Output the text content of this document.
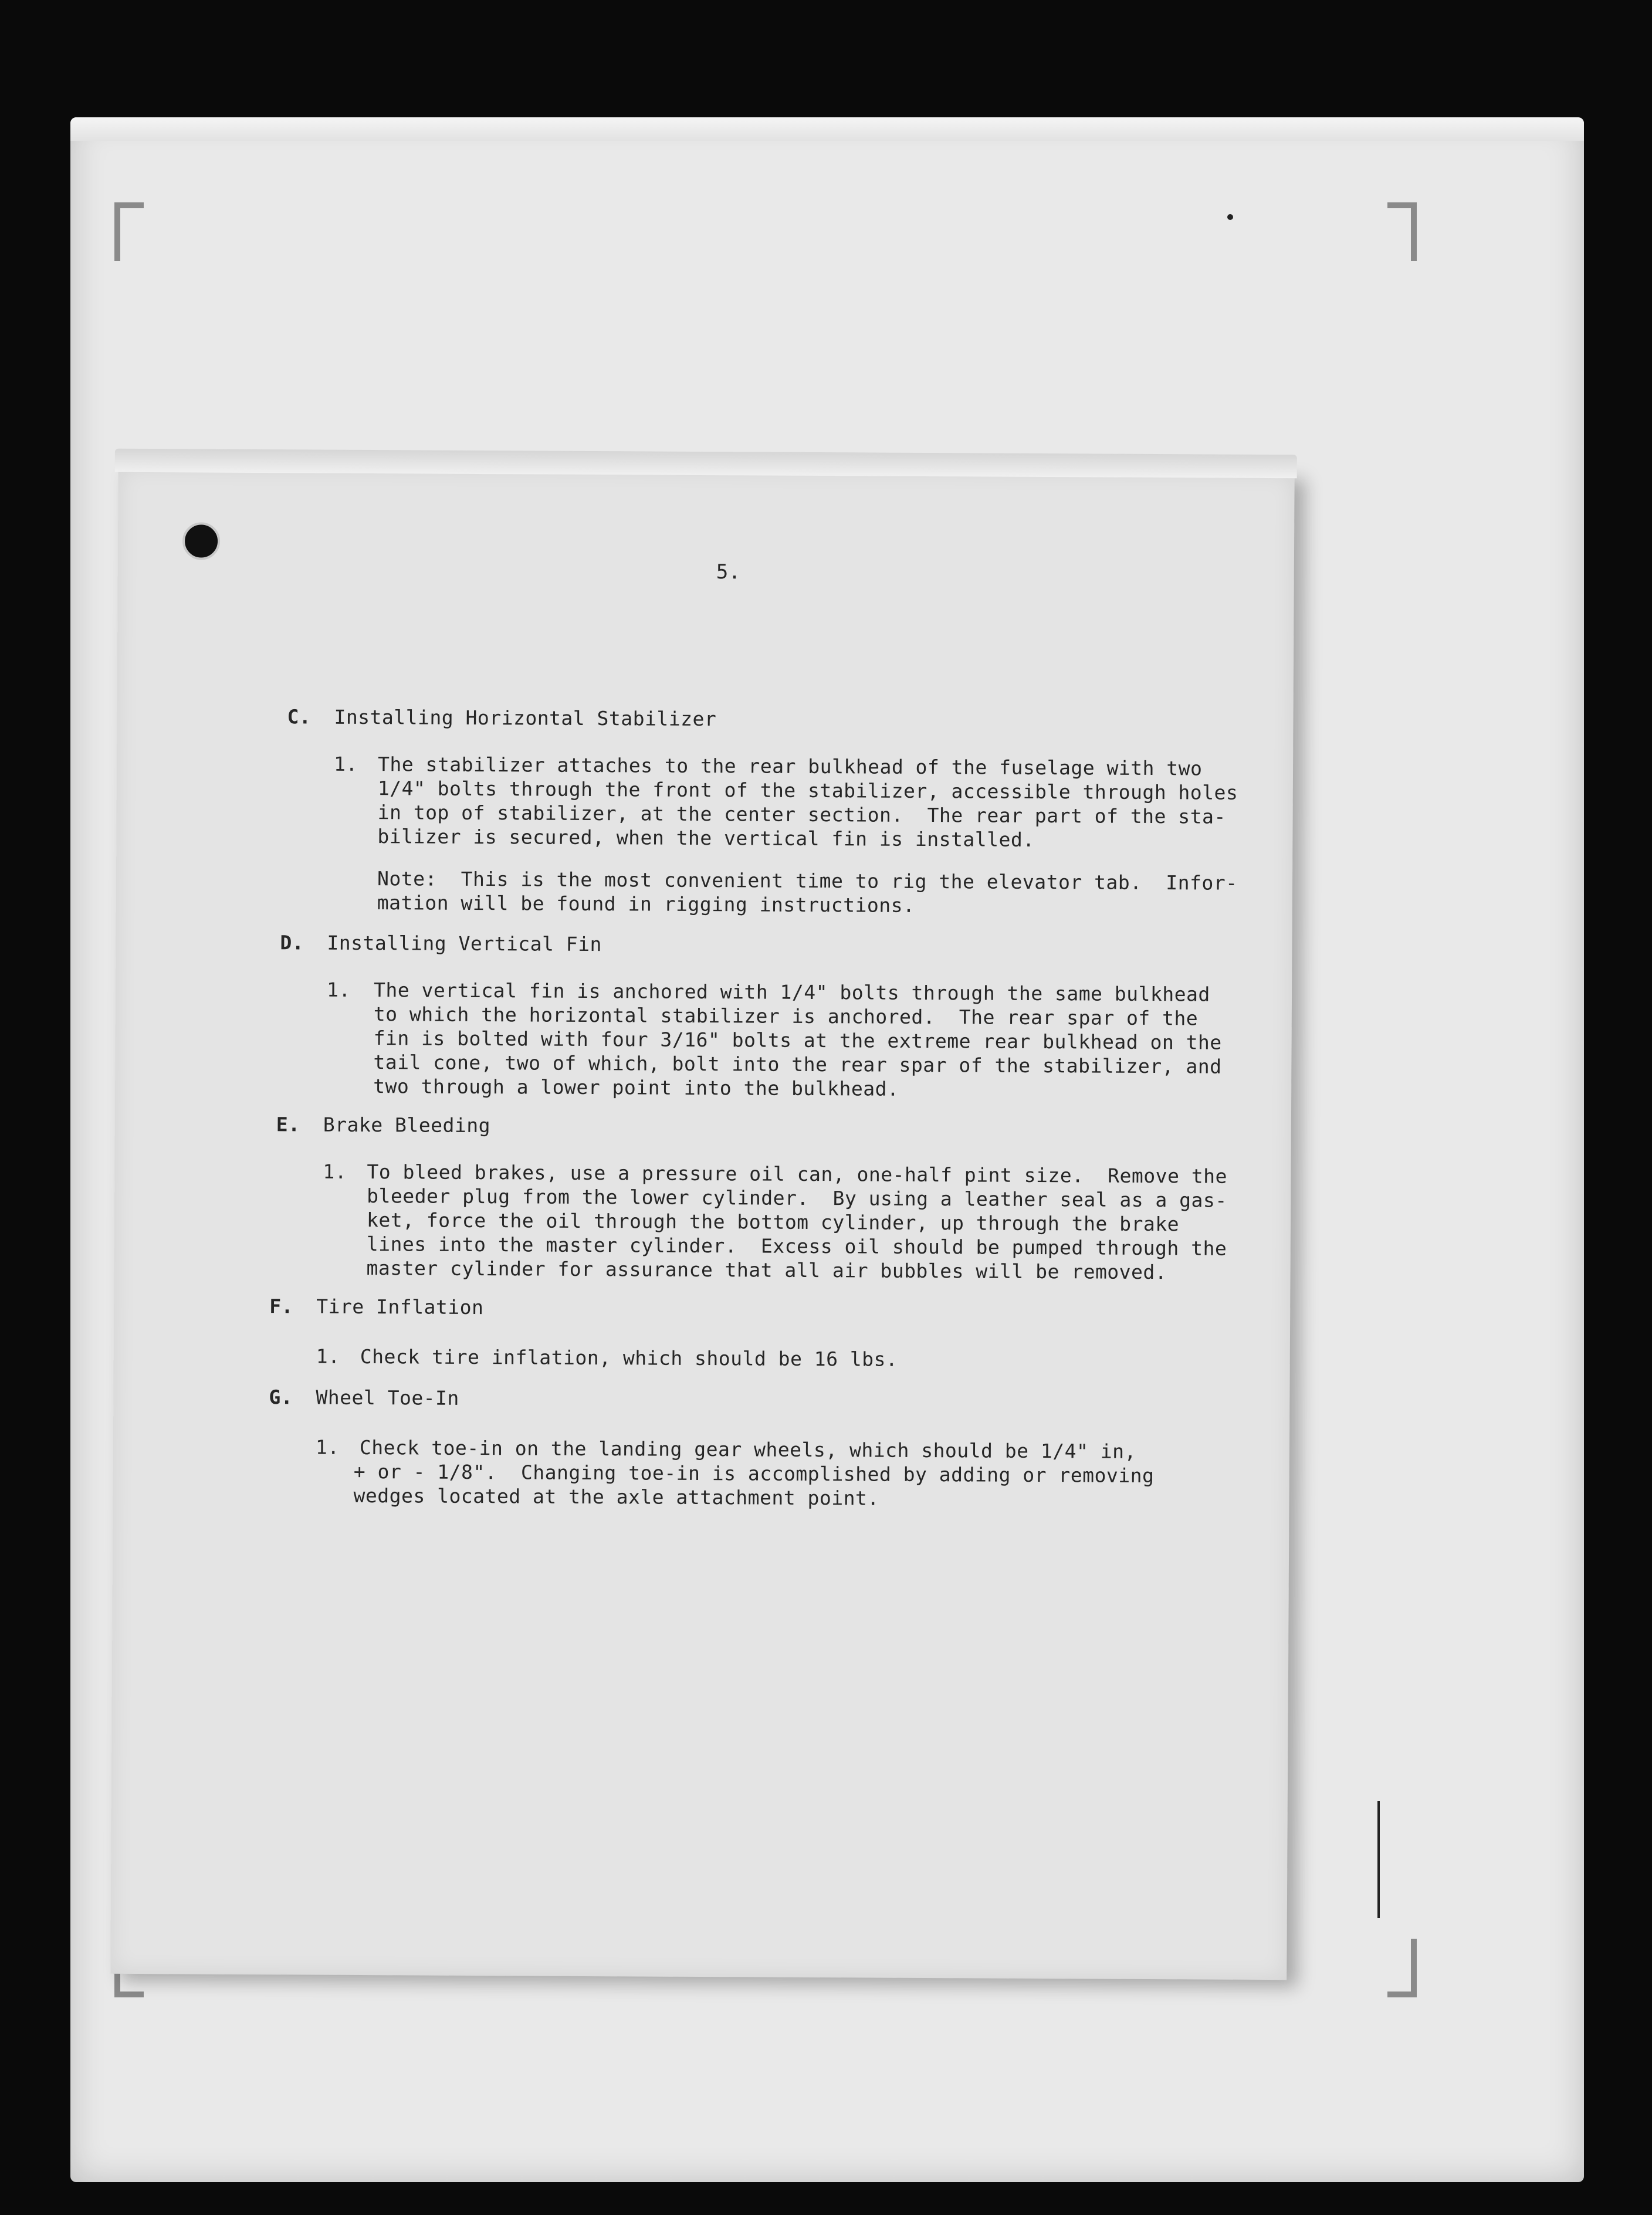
5.
C. Installing Horizontal Stabilizer
1. The stabilizer attaches to the rear bulkhead of the fuselage with two
1/4" bolts through the front of the stabilizer, accessible through holes
in top of stabilizer, at the center section.  The rear part of the sta-
bilizer is secured, when the vertical fin is installed.
Note:  This is the most convenient time to rig the elevator tab.  Infor-
mation will be found in rigging instructions.
D. Installing Vertical Fin
1. The vertical fin is anchored with 1/4" bolts through the same bulkhead
to which the horizontal stabilizer is anchored.  The rear spar of the
fin is bolted with four 3/16" bolts at the extreme rear bulkhead on the
tail cone, two of which, bolt into the rear spar of the stabilizer, and
two through a lower point into the bulkhead.
E. Brake Bleeding
1. To bleed brakes, use a pressure oil can, one-half pint size.  Remove the
bleeder plug from the lower cylinder.  By using a leather seal as a gas-
ket, force the oil through the bottom cylinder, up through the brake
lines into the master cylinder.  Excess oil should be pumped through the
master cylinder for assurance that all air bubbles will be removed.
F. Tire Inflation
1. Check tire inflation, which should be 16 lbs.
G. Wheel Toe-In
1. Check toe-in on the landing gear wheels, which should be 1/4" in,
+ or - 1/8".  Changing toe-in is accomplished by adding or removing
wedges located at the axle attachment point.
